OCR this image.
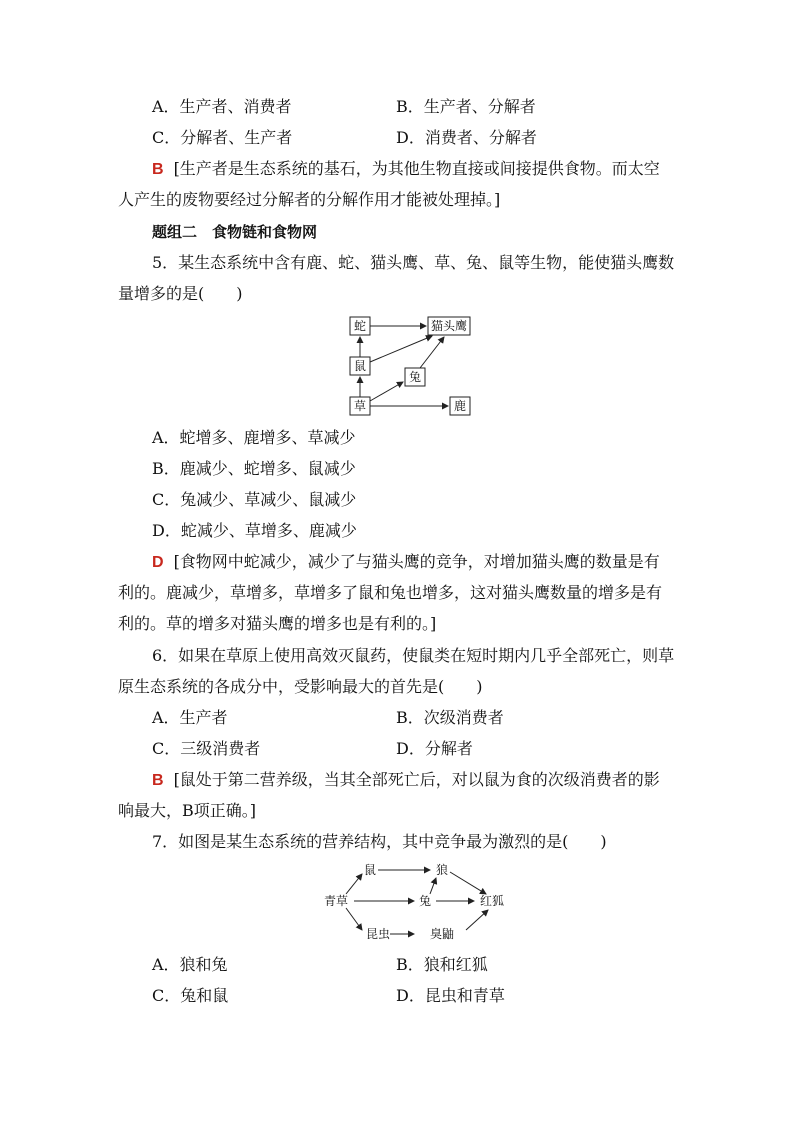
A．生产者、消费者	B．生产者、分解者
C．分解者、生产者	D．消费者、分解者
B [生产者是生态系统的基石，为其他生物直接或间接提供食物。而太空
人产生的废物要经过分解者的分解作用才能被处理掉。]
题组二　食物链和食物网
5．某生态系统中含有鹿、蛇、猫头鹰、草、兔、鼠等生物，能使猫头鹰数
量增多的是(　　)
蛇	猫头鹰
鼠
兔
草	鹿
A．蛇增多、鹿增多、草减少
B．鹿减少、蛇增多、鼠减少
C．兔减少、草减少、鼠减少
D．蛇减少、草增多、鹿减少
D [食物网中蛇减少，减少了与猫头鹰的竞争，对增加猫头鹰的数量是有
利的。鹿减少，草增多，草增多了鼠和兔也增多，这对猫头鹰数量的增多是有
利的。草的增多对猫头鹰的增多也是有利的。]
6．如果在草原上使用高效灭鼠药，使鼠类在短时期内几乎全部死亡，则草
原生态系统的各成分中，受影响最大的首先是(　　)
A．生产者	B．次级消费者
C．三级消费者	D．分解者
B [鼠处于第二营养级，当其全部死亡后，对以鼠为食的次级消费者的影
响最大，B项正确。]
7．如图是某生态系统的营养结构，其中竞争最为激烈的是(　　)
鼠	狼
青草	兔	红狐
昆虫	臭鼬
A．狼和兔	B．狼和红狐
C．兔和鼠	D．昆虫和青草
